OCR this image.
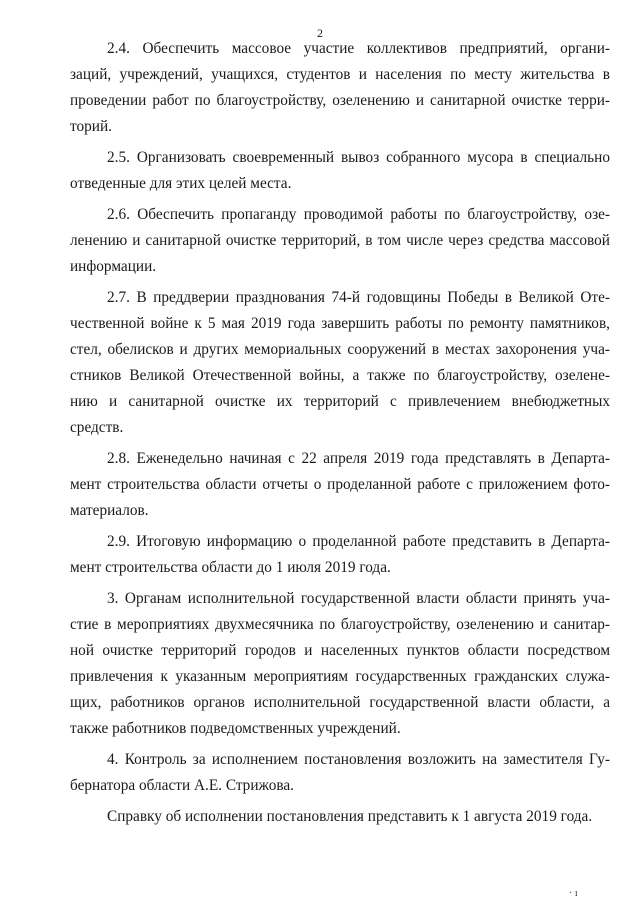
2

2.4. Обеспечить массовое участие коллективов предприятий, органи-

заций, учреждений, учащихся, студентов и населения по месту жительства в

проведении работ по благоустройству, озеленению и санитарной очистке терри-

торий.

2.5. Организовать своевременный вывоз собранного мусора в специально

отведенные для этих целей места.

2.6. Обеспечить пропаганду проводимой работы по благоустройству, озе-

ленению и санитарной очистке территорий, в том числе через средства массовой

информации.

2.7. В преддверии празднования 74-й годовщины Победы в Великой Оте-

чественной войне к 5 мая 2019 года завершить работы по ремонту памятников,

стел, обелисков и других мемориальных сооружений в местах захоронения уча-

стников Великой Отечественной войны, а также по благоустройству, озелене-

нию и санитарной очистке их территорий с привлечением внебюджетных

средств.

2.8. Еженедельно начиная с 22 апреля 2019 года представлять в Департа-

мент строительства области отчеты о проделанной работе с приложением фото-

материалов.

2.9. Итоговую информацию о проделанной работе представить в Департа-

мент строительства области до 1 июля 2019 года.

3. Органам исполнительной государственной власти области принять уча-

стие в мероприятиях двухмесячника по благоустройству, озеленению и санитар-

ной очистке территорий городов и населенных пунктов области посредством

привлечения к указанным мероприятиям государственных гражданских служа-

щих, работников органов исполнительной государственной власти области, а

также работников подведомственных учреждений.

4. Контроль за исполнением постановления возложить на заместителя Гу-

бернатора области А.Е. Стрижова.

Справку об исполнении постановления представить к 1 августа 2019 года.

· ı
